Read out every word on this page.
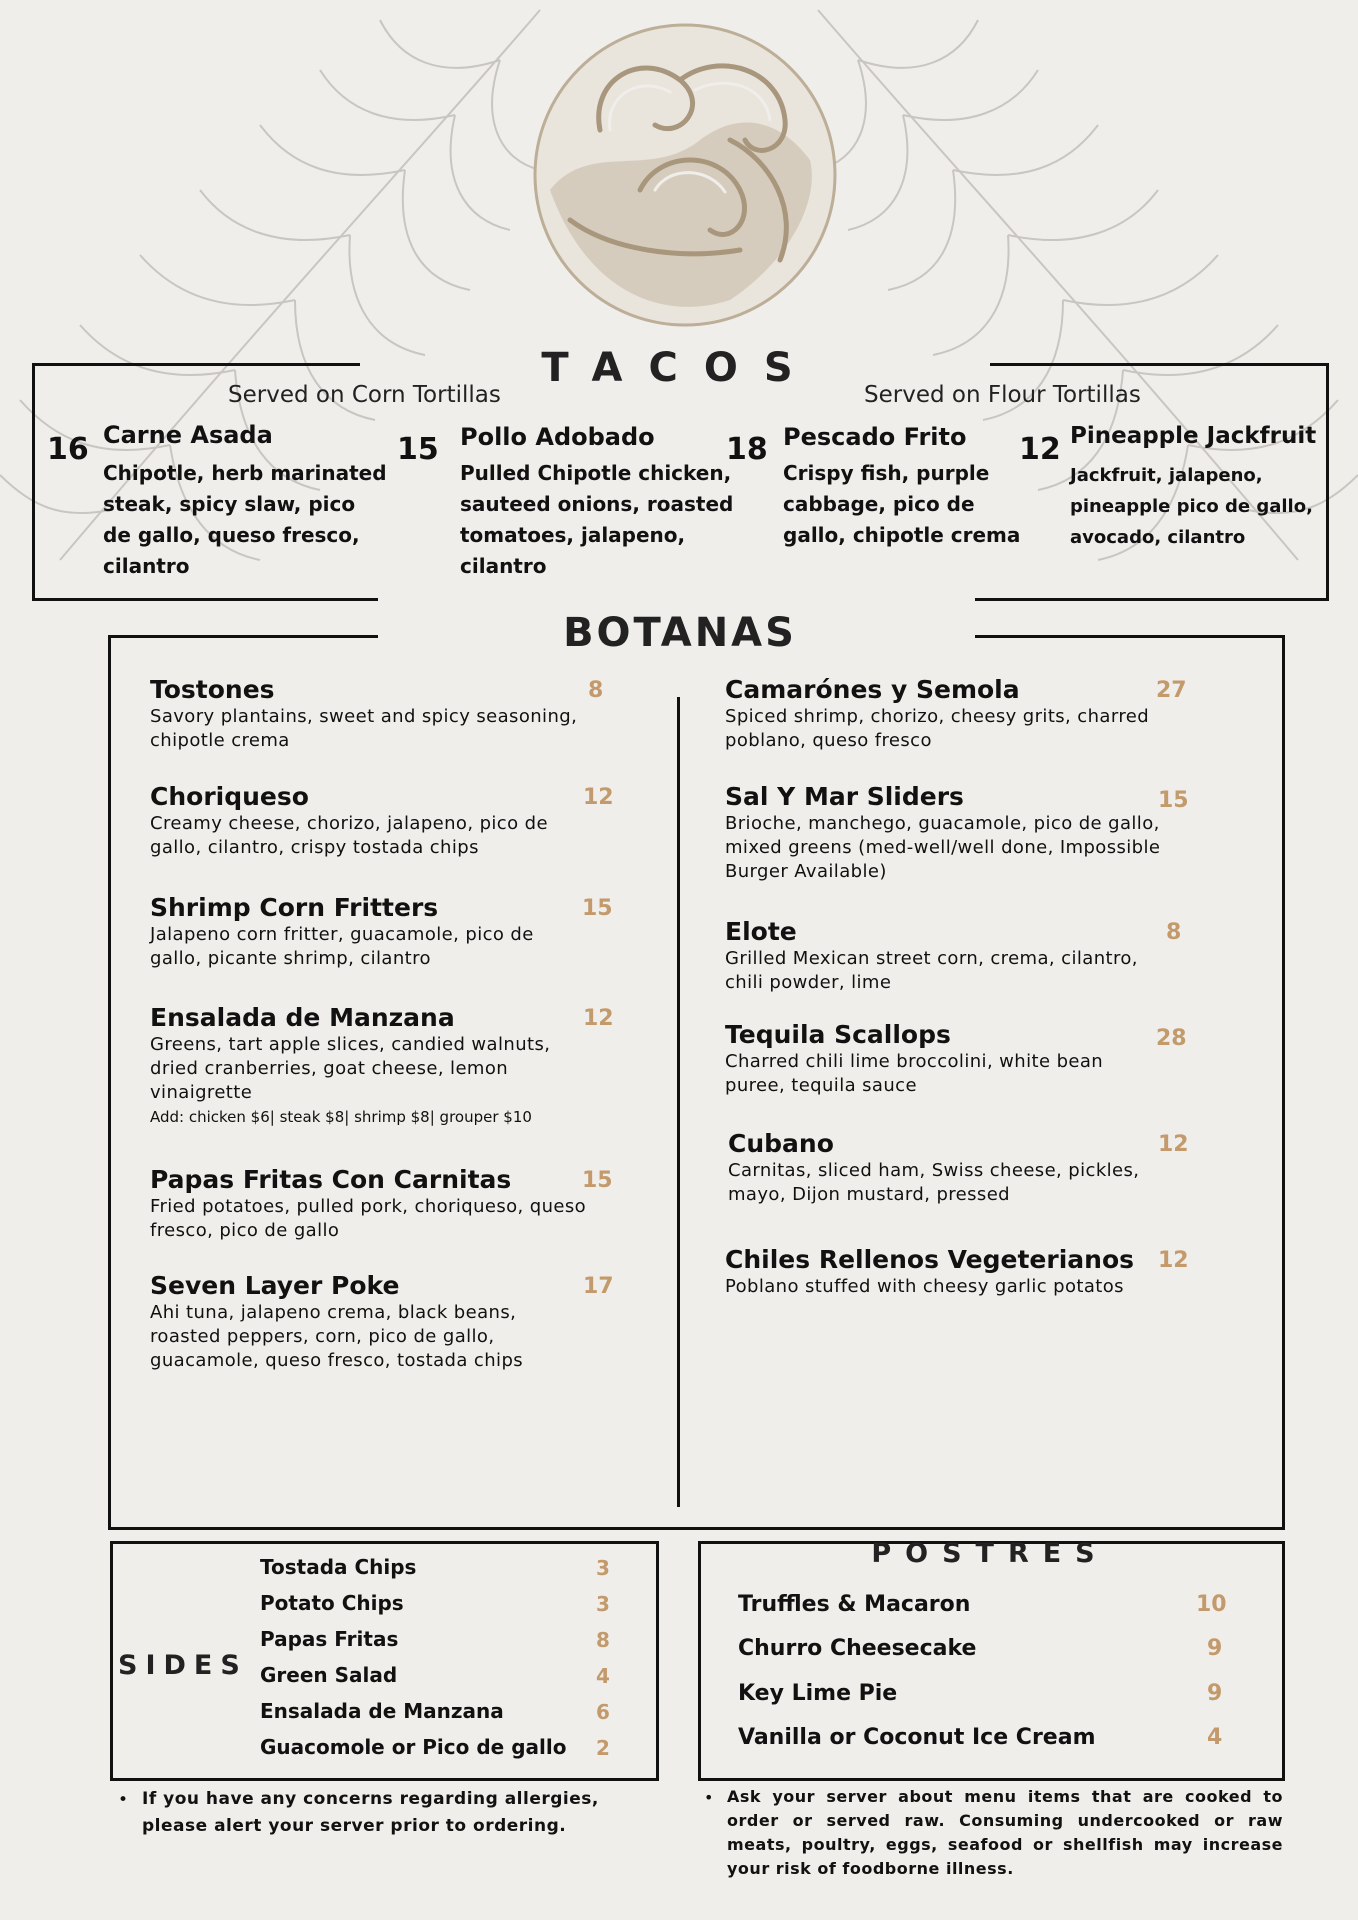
TACOS
Served on Corn Tortillas	Served on Flour Tortillas
16 Carne Asada
Chipotle, herb marinated steak, spicy slaw, pico de gallo, queso fresco, cilantro
15 Pollo Adobado
Pulled Chipotle chicken, sauteed onions, roasted tomatoes, jalapeno, cilantro
18 Pescado Frito
Crispy fish, purple cabbage, pico de gallo, chipotle crema
12 Pineapple Jackfruit
Jackfruit, jalapeno, pineapple pico de gallo, avocado, cilantro
BOTANAS
Tostones
Savory plantains, sweet and spicy seasoning, chipotle crema
8
Choriqueso
Creamy cheese, chorizo, jalapeno, pico de gallo, cilantro, crispy tostada chips
12
Shrimp Corn Fritters
Jalapeno corn fritter, guacamole, pico de gallo, picante shrimp, cilantro
15
Ensalada de Manzana
Greens, tart apple slices, candied walnuts, dried cranberries, goat cheese, lemon vinaigrette
Add: chicken $6| steak $8| shrimp $8| grouper $10
12
Papas Fritas Con Carnitas
Fried potatoes, pulled pork, choriqueso, queso fresco, pico de gallo
15
Seven Layer Poke
Ahi tuna, jalapeno crema, black beans, roasted peppers, corn, pico de gallo, guacamole, queso fresco, tostada chips
17
Camarónes y Semola
Spiced shrimp, chorizo, cheesy grits, charred poblano, queso fresco
27
Sal Y Mar Sliders
Brioche, manchego, guacamole, pico de gallo, mixed greens (med-well/well done, Impossible Burger Available)
15
Elote
Grilled Mexican street corn, crema, cilantro, chili powder, lime
8
Tequila Scallops
Charred chili lime broccolini, white bean puree, tequila sauce
28
Cubano
Carnitas, sliced ham, Swiss cheese, pickles, mayo, Dijon mustard, pressed
12
Chiles Rellenos Vegeterianos
Poblano stuffed with cheesy garlic potatos
12
SIDES
Tostada Chips	3
Potato Chips	3
Papas Fritas	8
Green Salad	4
Ensalada de Manzana	6
Guacomole or Pico de gallo 2
POSTRES
Truffles & Macaron	10
Churro Cheesecake	9
Key Lime Pie	9
Vanilla or Coconut Ice Cream	4
• If you have any concerns regarding allergies, please alert your server prior to ordering.
• Ask your server about menu items that are cooked to order or served raw. Consuming undercooked or raw meats, poultry, eggs, seafood or shellfish may increase your risk of foodborne illness.
